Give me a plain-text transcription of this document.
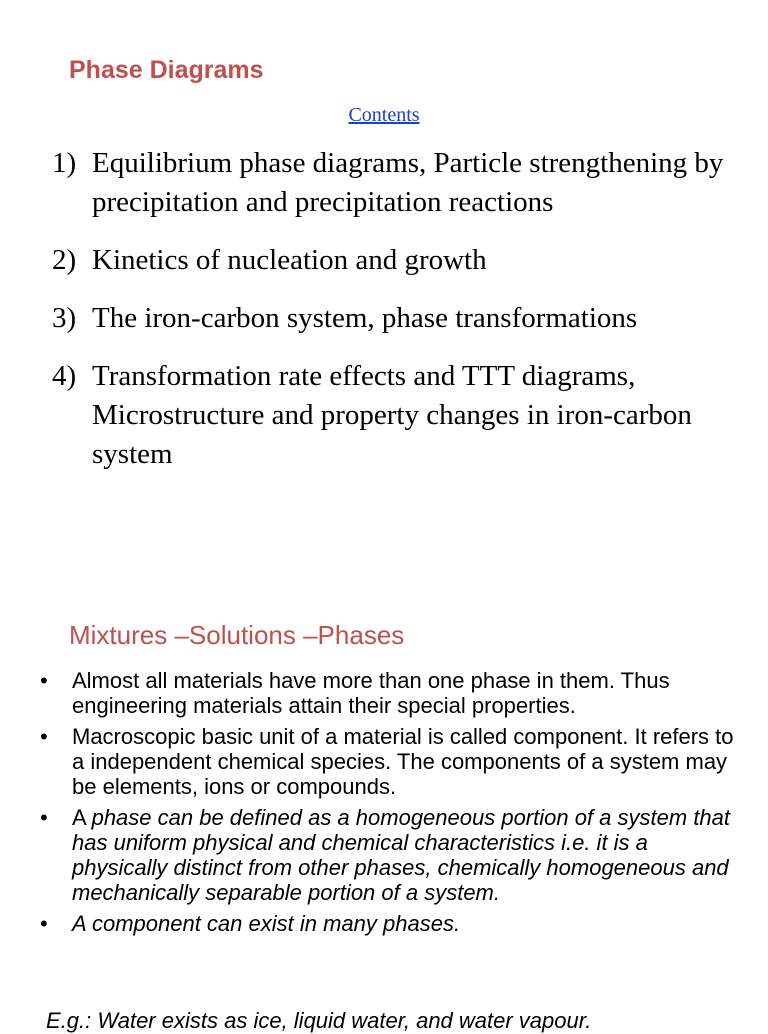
Phase Diagrams
Contents
1) Equilibrium phase diagrams, Particle strengthening by precipitation and precipitation reactions
2) Kinetics of nucleation and growth
3) The iron-carbon system, phase transformations
4) Transformation rate effects and TTT diagrams, Microstructure and property changes in iron-carbon system
Mixtures –Solutions –Phases
•	Almost all materials have more than one phase in them. Thus engineering materials attain their special properties.
•	Macroscopic basic unit of a material is called component. It refers to a independent chemical species. The components of a system may be elements, ions or compounds.
•	A phase can be defined as a homogeneous portion of a system that has uniform physical and chemical characteristics i.e. it is a physically distinct from other phases, chemically homogeneous and mechanically separable portion of a system.
•	A component can exist in many phases.
E.g.: Water exists as ice, liquid water, and water vapour.
